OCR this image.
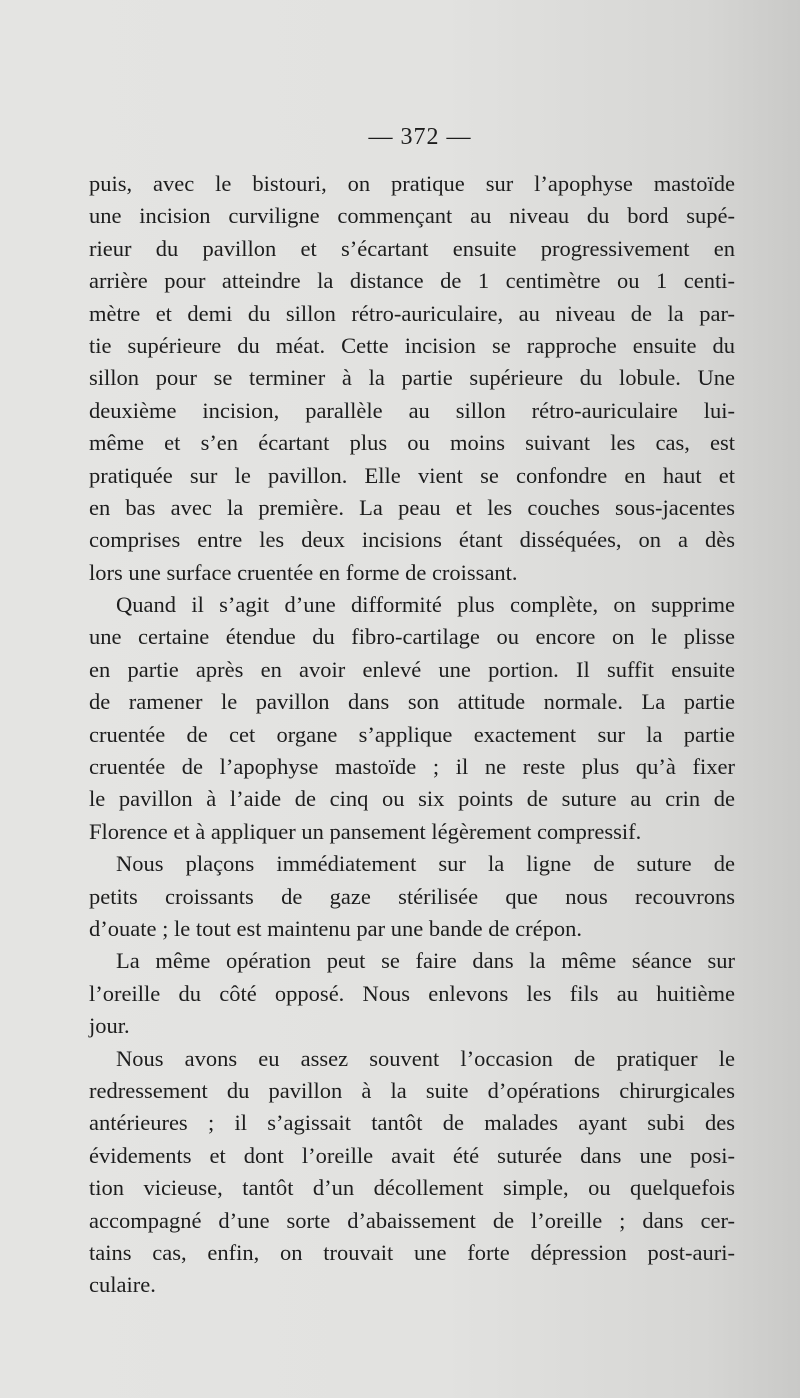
— 372 —
puis, avec le bistouri, on pratique sur l’apophyse mastoïde
une incision curviligne commençant au niveau du bord supé-
rieur du pavillon et s’écartant ensuite progressivement en
arrière pour atteindre la distance de 1 centimètre ou 1 centi-
mètre et demi du sillon rétro-auriculaire, au niveau de la par-
tie supérieure du méat. Cette incision se rapproche ensuite du
sillon pour se terminer à la partie supérieure du lobule. Une
deuxième incision, parallèle au sillon rétro-auriculaire lui-
même et s’en écartant plus ou moins suivant les cas, est
pratiquée sur le pavillon. Elle vient se confondre en haut et
en bas avec la première. La peau et les couches sous-jacentes
comprises entre les deux incisions étant disséquées, on a dès
lors une surface cruentée en forme de croissant.
Quand il s’agit d’une difformité plus complète, on supprime
une certaine étendue du fibro-cartilage ou encore on le plisse
en partie après en avoir enlevé une portion. Il suffit ensuite
de ramener le pavillon dans son attitude normale. La partie
cruentée de cet organe s’applique exactement sur la partie
cruentée de l’apophyse mastoïde ; il ne reste plus qu’à fixer
le pavillon à l’aide de cinq ou six points de suture au crin de
Florence et à appliquer un pansement légèrement compressif.
Nous plaçons immédiatement sur la ligne de suture de
petits croissants de gaze stérilisée que nous recouvrons
d’ouate ; le tout est maintenu par une bande de crépon.
La même opération peut se faire dans la même séance sur
l’oreille du côté opposé. Nous enlevons les fils au huitième
jour.
Nous avons eu assez souvent l’occasion de pratiquer le
redressement du pavillon à la suite d’opérations chirurgicales
antérieures ; il s’agissait tantôt de malades ayant subi des
évidements et dont l’oreille avait été suturée dans une posi-
tion vicieuse, tantôt d’un décollement simple, ou quelquefois
accompagné d’une sorte d’abaissement de l’oreille ; dans cer-
tains cas, enfin, on trouvait une forte dépression post-auri-
culaire.
